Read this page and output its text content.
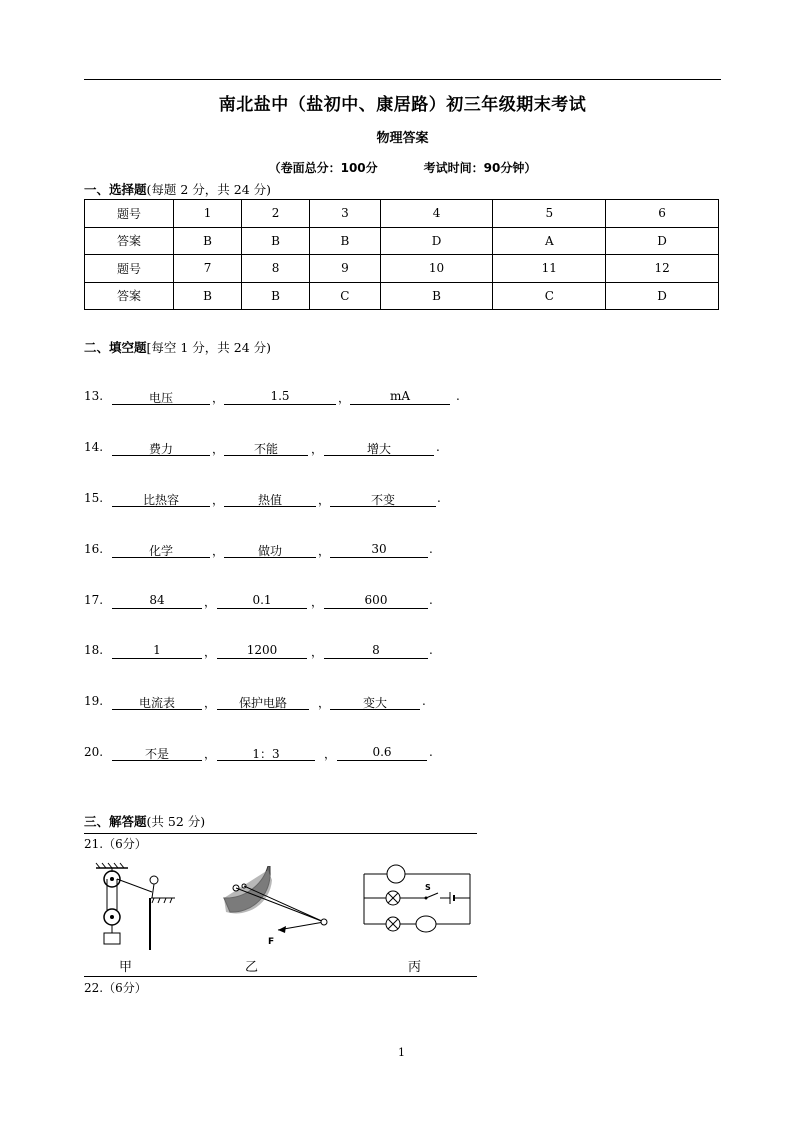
南北盐中（盐初中、康居路）初三年级期末考试
物理答案
（卷面总分：100分	考试时间：90分钟）
一、选择题(每题 2 分，共 24 分)
题号	1	2	3	4	5	6
答案	B	B	B	D	A	D
题号	7	8	9	10	11	12
答案	B	B	C	B	C	D
二、填空题[每空 1 分，共 24 分)
13.	电压	，	1.5	，	mA	.
14.	费力	，	不能	，	增大	.
15.	比热容	，	热值	，	不变	.
16.	化学	，	做功	，	30	.
17.	84	，	0.1	，	600	.
18.	1	，	1200	，	8	.
19.	电流表	，	保护电路	，	变大	.
20.	不是	，	1：3	，	0.6	.
三、解答题(共 52 分)
21.（6分）
F
S
甲	乙	丙
22.（6分）
1
